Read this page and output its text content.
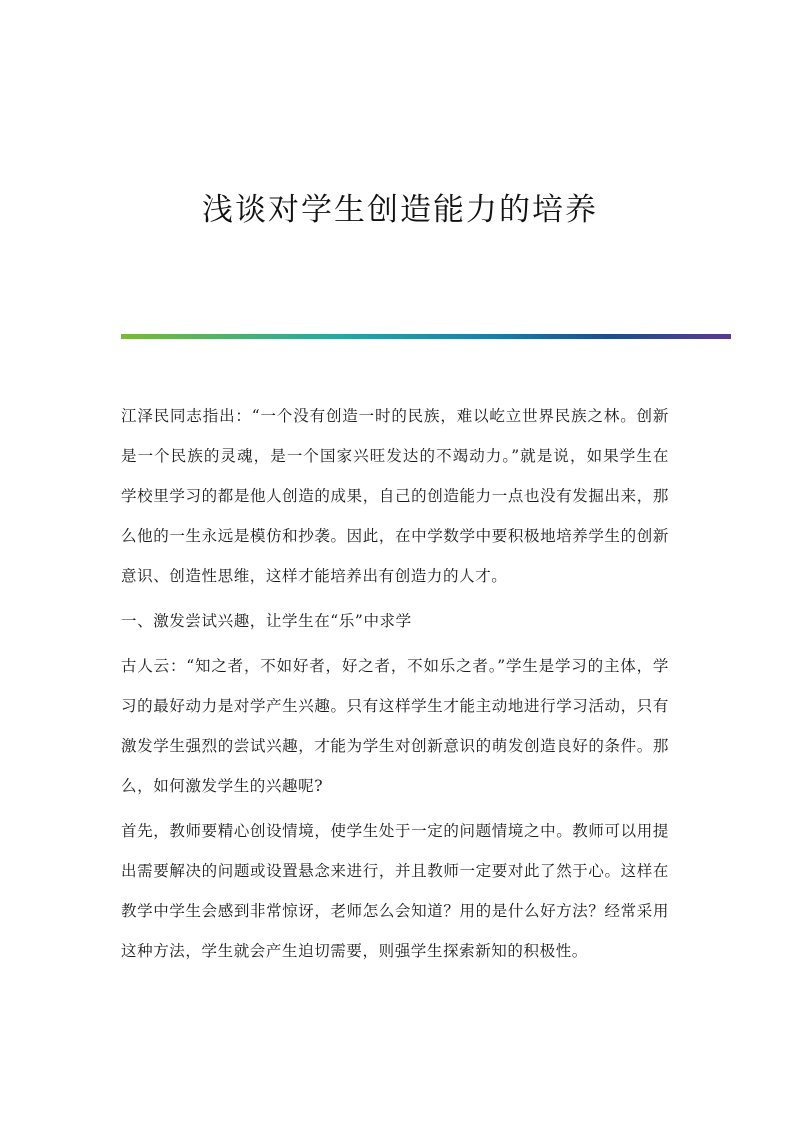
浅谈对学生创造能力的培养

江泽民同志指出：“一个没有创造一时的民族，难以屹立世界民族之林。创新是一个民族的灵魂，是一个国家兴旺发达的不竭动力。”就是说，如果学生在学校里学习的都是他人创造的成果，自己的创造能力一点也没有发掘出来，那么他的一生永远是模仿和抄袭。因此，在中学数学中要积极地培养学生的创新意识、创造性思维，这样才能培养出有创造力的人才。

一、激发尝试兴趣，让学生在“乐”中求学

古人云：“知之者，不如好者，好之者，不如乐之者。”学生是学习的主体，学习的最好动力是对学产生兴趣。只有这样学生才能主动地进行学习活动，只有激发学生强烈的尝试兴趣，才能为学生对创新意识的萌发创造良好的条件。那么，如何激发学生的兴趣呢?

首先，教师要精心创设情境，使学生处于一定的问题情境之中。教师可以用提出需要解决的问题或设置悬念来进行，并且教师一定要对此了然于心。这样在教学中学生会感到非常惊讶，老师怎么会知道？用的是什么好方法？经常采用这种方法，学生就会产生迫切需要，则强学生探索新知的积极性。
